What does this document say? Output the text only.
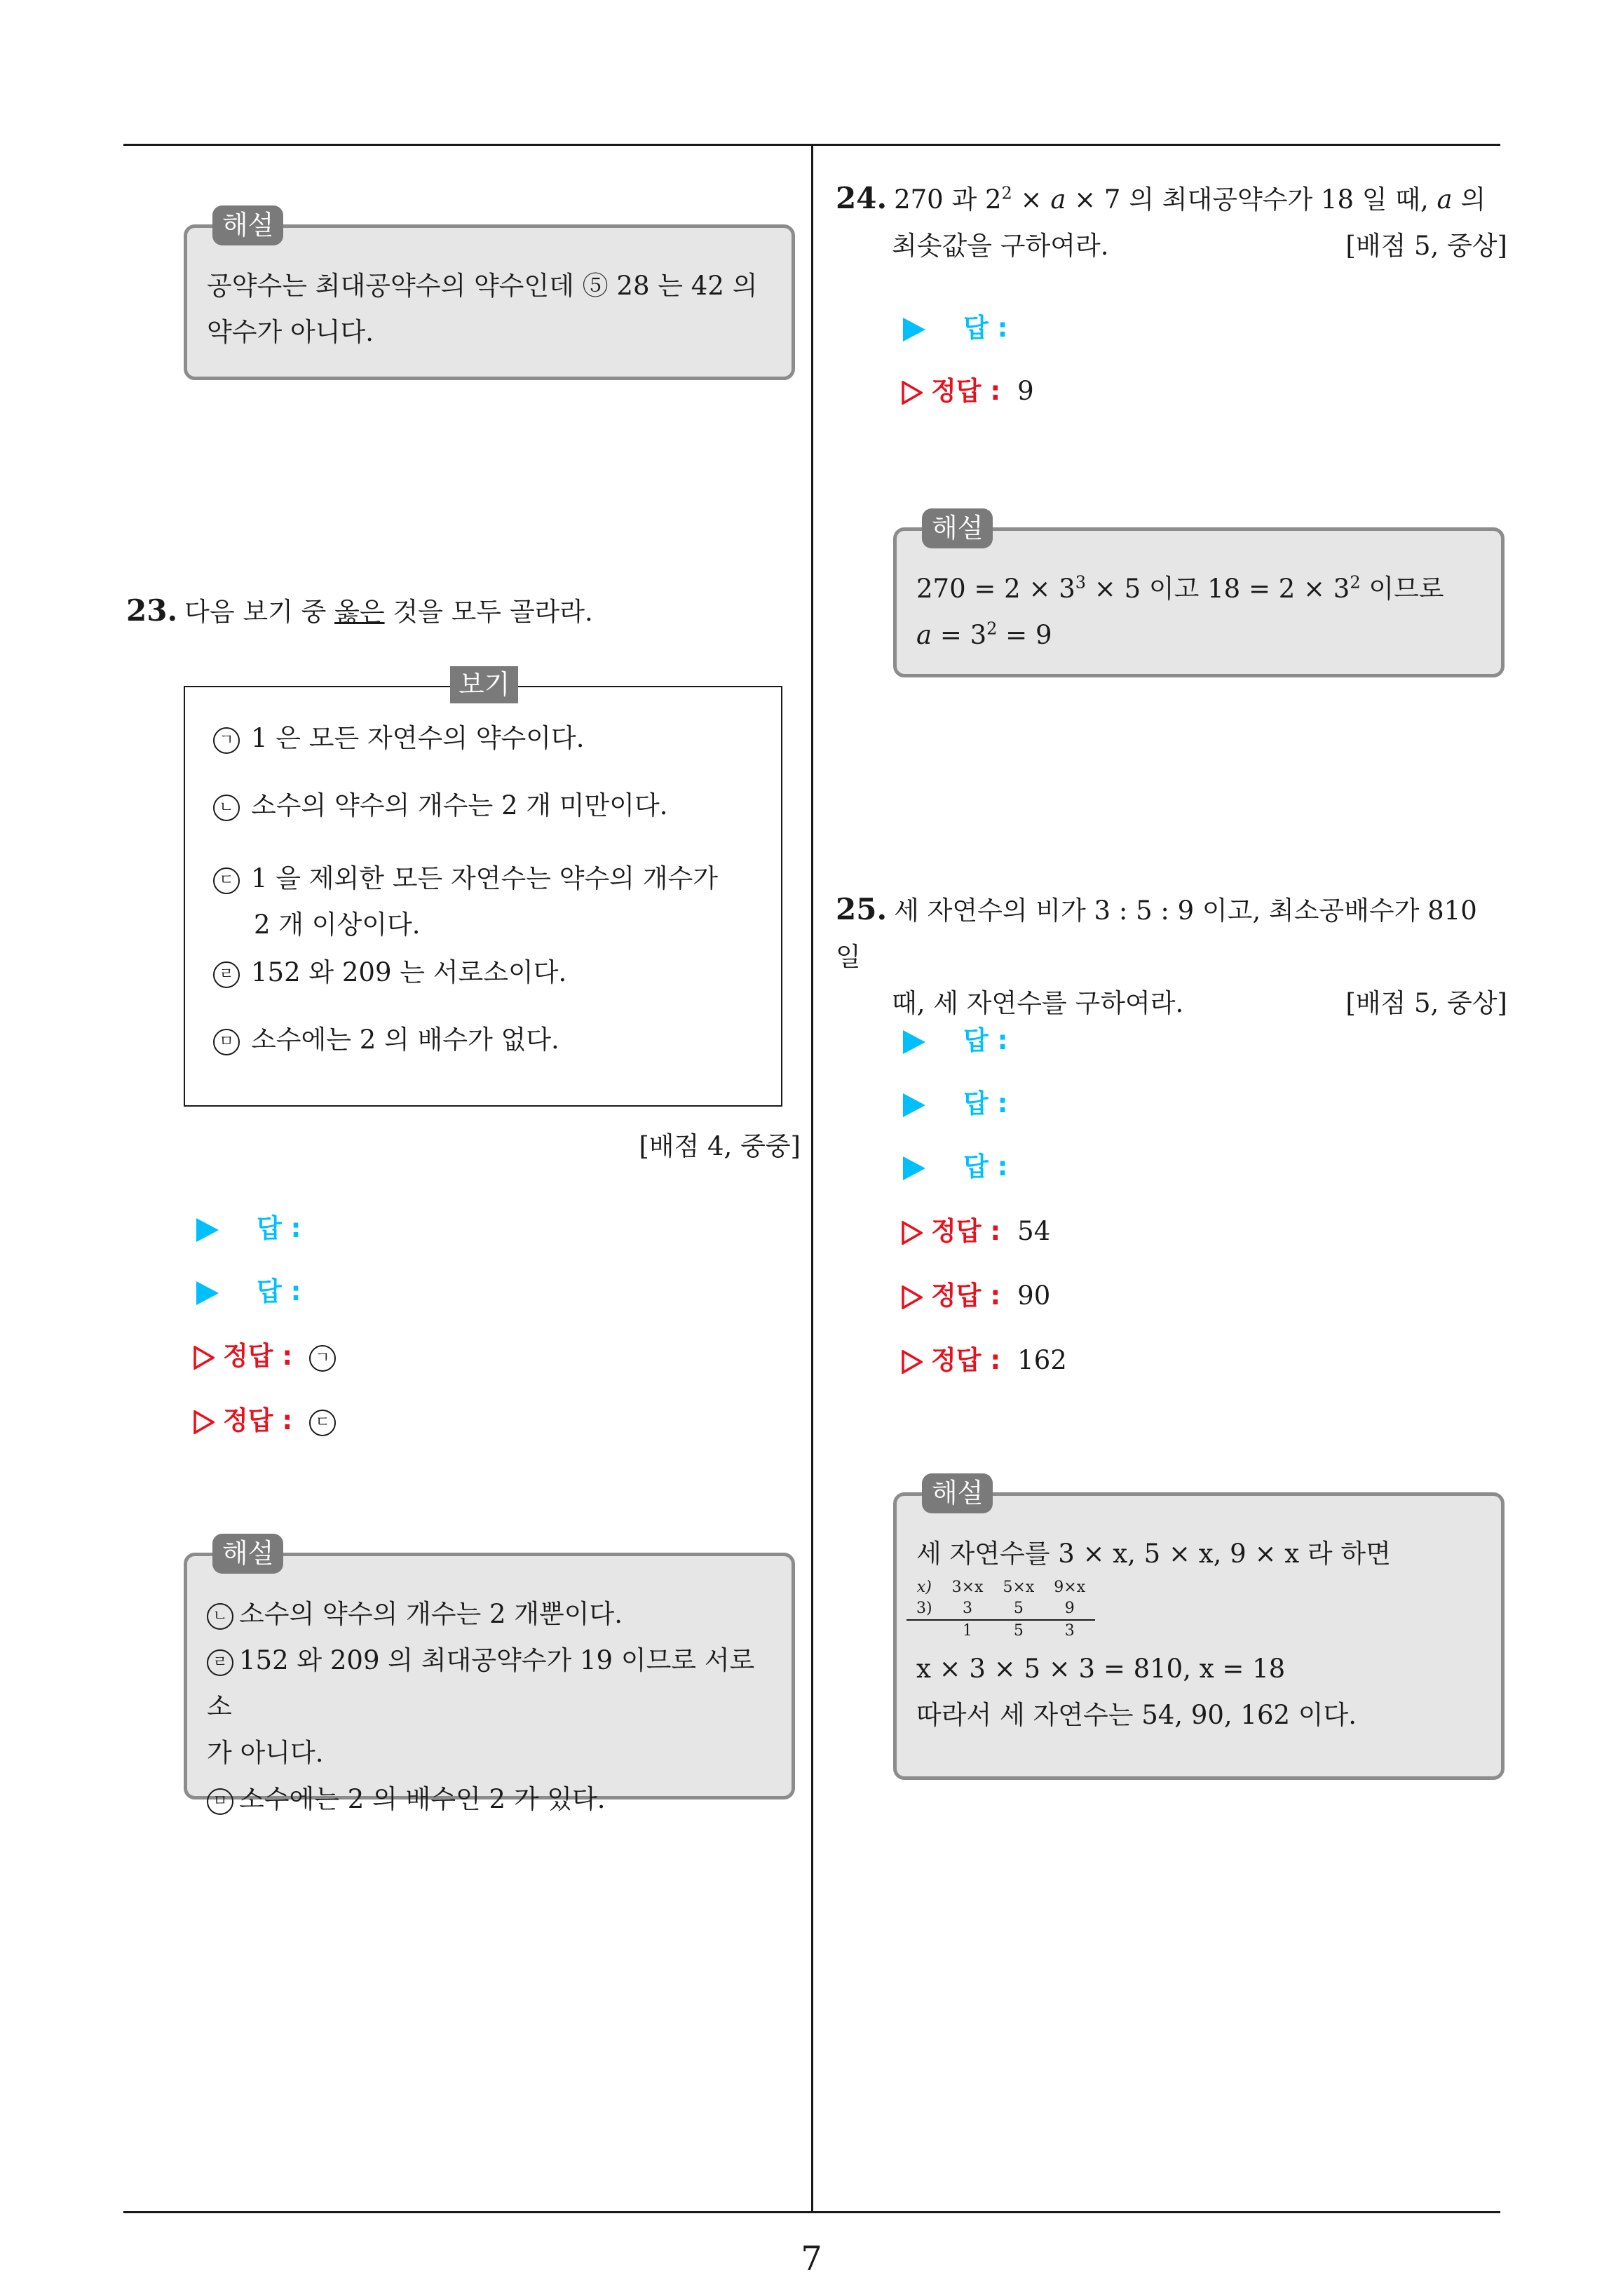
해설

공약수는 최대공약수의 약수인데 ⑤ 28 는 42 의

약수가 아니다.

23. 다음 보기 중 옳은 것을 모두 골라라.
보기
ㄱ 1 은 모든 자연수의 약수이다.
ㄴ 소수의 약수의 개수는 2 개 미만이다.
ㄷ 1 을 제외한 모든 자연수는 약수의 개수가
2 개 이상이다.
ㄹ 152 와 209 는 서로소이다.
ㅁ 소수에는 2 의 배수가 없다.
[배점 4, 중중]
답 :
답 :
정답 : ㄱ
정답 : ㄷ
해설

ㄴ 소수의 약수의 개수는 2 개뿐이다.

ㄹ 152 와 209 의 최대공약수가 19 이므로 서로소

가 아니다.

ㅁ 소수에는 2 의 배수인 2 가 있다.

24. 270 과 $2^2 \times a \times 7$ 의 최대공약수가 18 일 때, a 의
최솟값을 구하여라.	[배점 5, 중상]
답 :
정답 : 9
해설

$270 = 2 \times 3^3 \times 5$ 이고 $18 = 2 \times 3^2$ 이므로

$a = 3^2 = 9$

25. 세 자연수의 비가 3 : 5 : 9 이고, 최소공배수가 810 일
때, 세 자연수를 구하여라.	[배점 5, 중상]
답 :
답 :
답 :
정답 : 54
정답 : 90
정답 : 162
해설

세 자연수를 3 × x, 5 × x, 9 × x 라 하면

x)	3×x	5×x	9×x
3)	3	5	9
	1	5	3

x × 3 × 5 × 3 = 810, x = 18

따라서 세 자연수는 54, 90, 162 이다.

7
